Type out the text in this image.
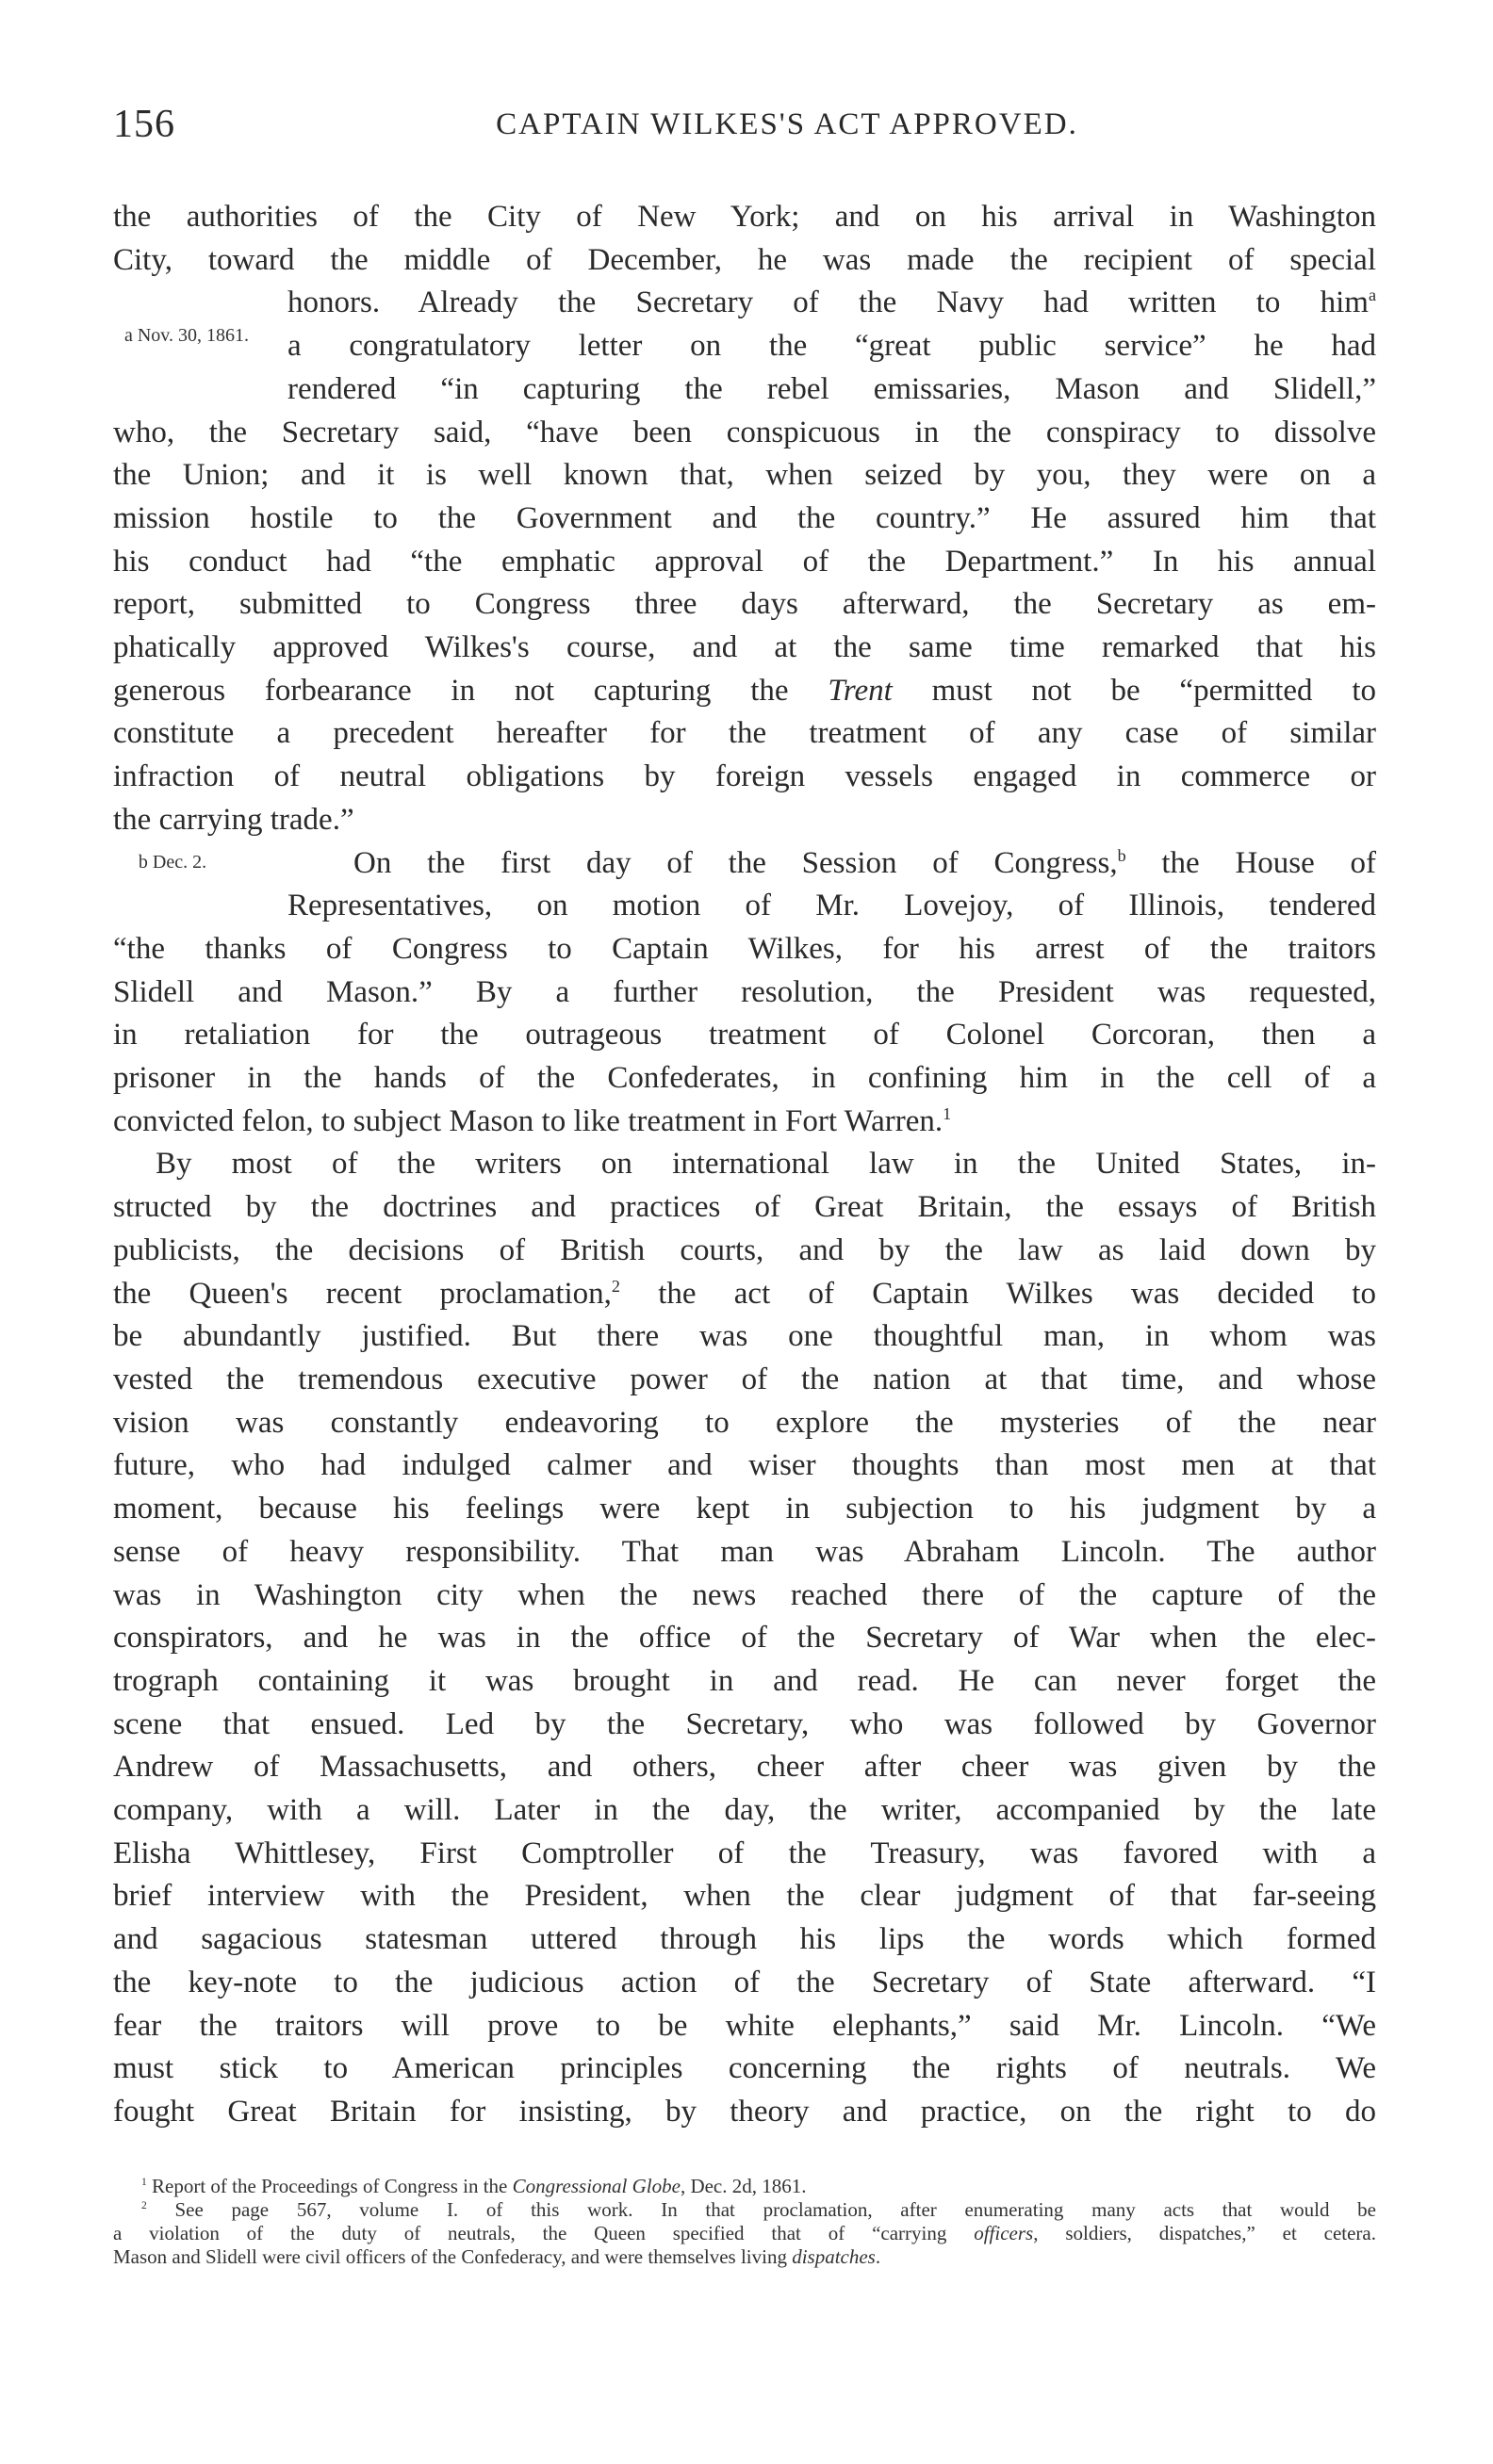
156	CAPTAIN WILKES'S ACT APPROVED.

the authorities of the City of New York; and on his arrival in Washington
City, toward the middle of December, he was made the recipient of special
a Nov. 30, 1861.
honors. Already the Secretary of the Navy had written to him$^a$
a congratulatory letter on the “great public service” he had
rendered “in capturing the rebel emissaries, Mason and Slidell,”
who, the Secretary said, “have been conspicuous in the conspiracy to dissolve
the Union; and it is well known that, when seized by you, they were on a
mission hostile to the Government and the country.” He assured him that
his conduct had “the emphatic approval of the Department.” In his annual
report, submitted to Congress three days afterward, the Secretary as em-
phatically approved Wilkes's course, and at the same time remarked that his
generous forbearance in not capturing the Trent must not be “permitted to
constitute a precedent hereafter for the treatment of any case of similar
infraction of neutral obligations by foreign vessels engaged in commerce or
the carrying trade.”

b Dec. 2.	On the first day of the Session of Congress,$^b$ the House of
Representatives, on motion of Mr. Lovejoy, of Illinois, tendered
“the thanks of Congress to Captain Wilkes, for his arrest of the traitors
Slidell and Mason.” By a further resolution, the President was requested,
in retaliation for the outrageous treatment of Colonel Corcoran, then a
prisoner in the hands of the Confederates, in confining him in the cell of a
convicted felon, to subject Mason to like treatment in Fort Warren.$^1$

By most of the writers on international law in the United States, in-
structed by the doctrines and practices of Great Britain, the essays of British
publicists, the decisions of British courts, and by the law as laid down by
the Queen's recent proclamation,$^2$ the act of Captain Wilkes was decided to
be abundantly justified. But there was one thoughtful man, in whom was
vested the tremendous executive power of the nation at that time, and whose
vision was constantly endeavoring to explore the mysteries of the near
future, who had indulged calmer and wiser thoughts than most men at that
moment, because his feelings were kept in subjection to his judgment by a
sense of heavy responsibility. That man was Abraham Lincoln. The author
was in Washington city when the news reached there of the capture of the
conspirators, and he was in the office of the Secretary of War when the elec-
trograph containing it was brought in and read. He can never forget the
scene that ensued. Led by the Secretary, who was followed by Governor
Andrew of Massachusetts, and others, cheer after cheer was given by the
company, with a will. Later in the day, the writer, accompanied by the late
Elisha Whittlesey, First Comptroller of the Treasury, was favored with a
brief interview with the President, when the clear judgment of that far-seeing
and sagacious statesman uttered through his lips the words which formed
the key-note to the judicious action of the Secretary of State afterward. “I
fear the traitors will prove to be white elephants,” said Mr. Lincoln. “We
must stick to American principles concerning the rights of neutrals. We
fought Great Britain for insisting, by theory and practice, on the right to do

$^1$ Report of the Proceedings of Congress in the Congressional Globe, Dec. 2d, 1861.

$^2$ See page 567, volume I. of this work. In that proclamation, after enumerating many acts that would be
a violation of the duty of neutrals, the Queen specified that of “carrying officers, soldiers, dispatches,” et cetera.
Mason and Slidell were civil officers of the Confederacy, and were themselves living dispatches.
